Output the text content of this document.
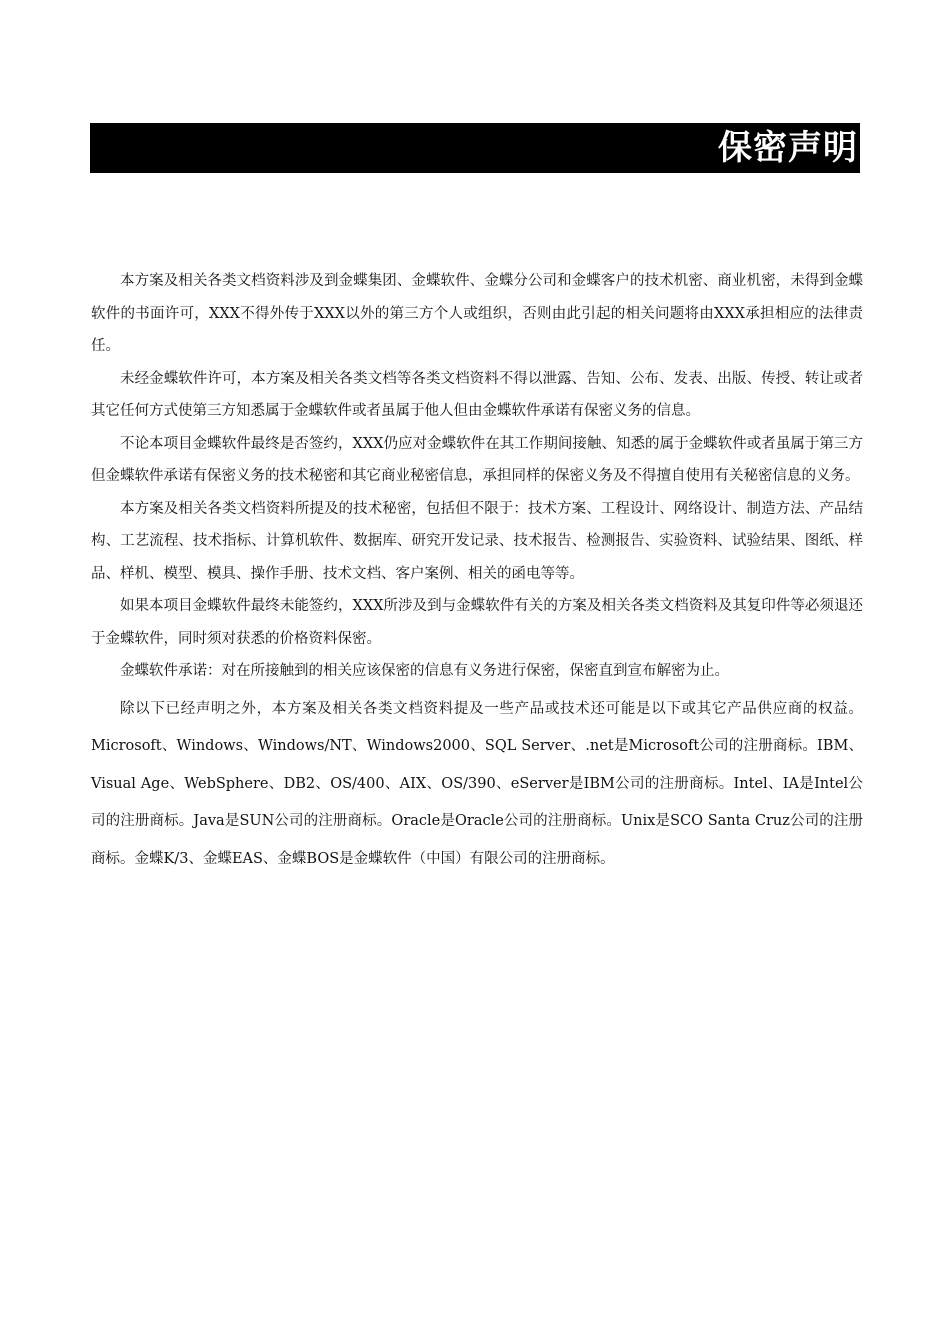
保密声明

本方案及相关各类文档资料涉及到金蝶集团、金蝶软件、金蝶分公司和金蝶客户的技术机密、商业机密，未得到金蝶软件的书面许可，XXX不得外传于XXX以外的第三方个人或组织，否则由此引起的相关问题将由XXX承担相应的法律责任。

未经金蝶软件许可，本方案及相关各类文档等各类文档资料不得以泄露、告知、公布、发表、出版、传授、转让或者其它任何方式使第三方知悉属于金蝶软件或者虽属于他人但由金蝶软件承诺有保密义务的信息。

不论本项目金蝶软件最终是否签约，XXX仍应对金蝶软件在其工作期间接触、知悉的属于金蝶软件或者虽属于第三方但金蝶软件承诺有保密义务的技术秘密和其它商业秘密信息，承担同样的保密义务及不得擅自使用有关秘密信息的义务。

本方案及相关各类文档资料所提及的技术秘密，包括但不限于：技术方案、工程设计、网络设计、制造方法、产品结构、工艺流程、技术指标、计算机软件、数据库、研究开发记录、技术报告、检测报告、实验资料、试验结果、图纸、样品、样机、模型、模具、操作手册、技术文档、客户案例、相关的函电等等。

如果本项目金蝶软件最终未能签约，XXX所涉及到与金蝶软件有关的方案及相关各类文档资料及其复印件等必须退还于金蝶软件，同时须对获悉的价格资料保密。

金蝶软件承诺：对在所接触到的相关应该保密的信息有义务进行保密，保密直到宣布解密为止。

除以下已经声明之外，本方案及相关各类文档资料提及一些产品或技术还可能是以下或其它产品供应商的权益。Microsoft、Windows、Windows/NT、Windows2000、SQL Server、.net是Microsoft公司的注册商标。IBM、Visual Age、WebSphere、DB2、OS/400、AIX、OS/390、eServer是IBM公司的注册商标。Intel、IA是Intel公司的注册商标。Java是SUN公司的注册商标。Oracle是Oracle公司的注册商标。Unix是SCO Santa Cruz公司的注册商标。金蝶K/3、金蝶EAS、金蝶BOS是金蝶软件（中国）有限公司的注册商标。
